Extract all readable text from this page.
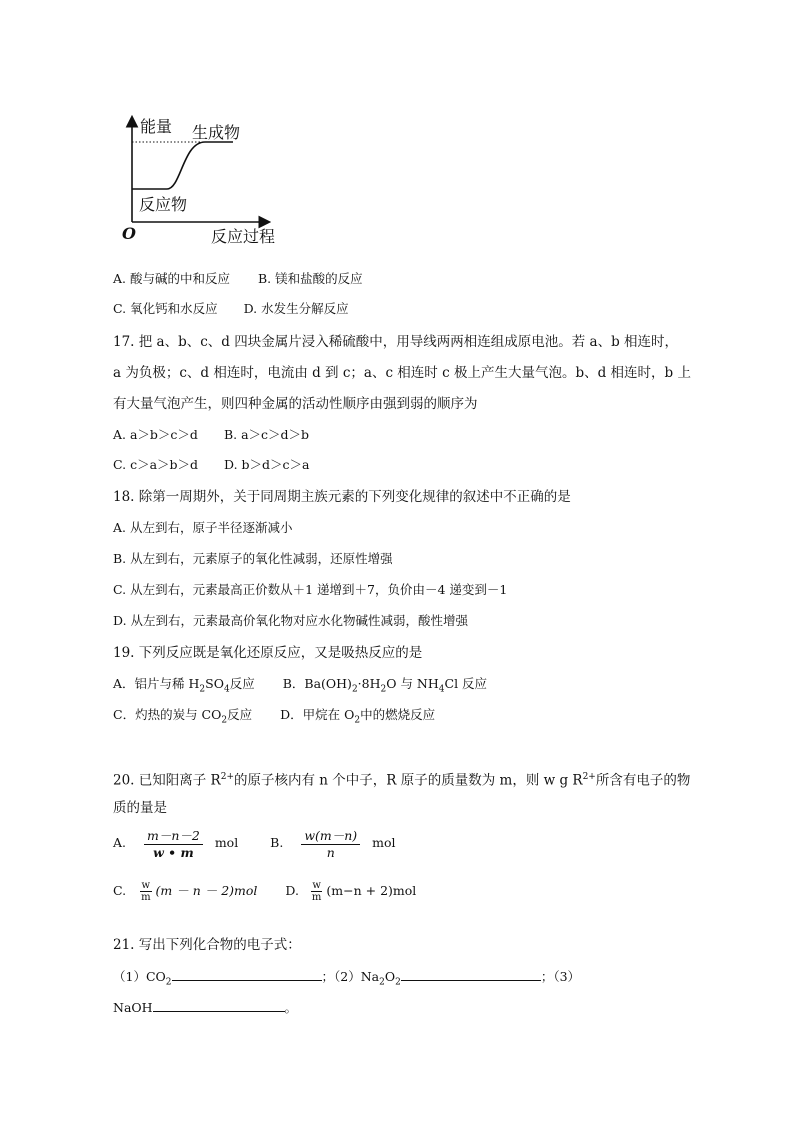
能量 生成物
反应物
O	反应过程
A. 酸与碱的中和反应 B. 镁和盐酸的反应
C. 氧化钙和水反应 D. 水发生分解反应
17. 把 a、b、c、d 四块金属片浸入稀硫酸中，用导线两两相连组成原电池。若 a、b 相连时，
a 为负极；c、d 相连时，电流由 d 到 c；a、c 相连时 c 极上产生大量气泡。b、d 相连时，b 上
有大量气泡产生，则四种金属的活动性顺序由强到弱的顺序为
A. a＞b＞c＞d B. a＞c＞d＞b
C. c＞a＞b＞d D. b＞d＞c＞a
18. 除第一周期外，关于同周期主族元素的下列变化规律的叙述中不正确的是
A. 从左到右，原子半径逐渐减小
B. 从左到右，元素原子的氧化性减弱，还原性增强
C. 从左到右，元素最高正价数从＋1 递增到＋7，负价由－4 递变到－1
D. 从左到右，元素最高价氧化物对应水化物碱性减弱，酸性增强
19. 下列反应既是氧化还原反应，又是吸热反应的是
A．铝片与稀 $H_2SO_4$反应 B．$Ba(OH)_2\cdot 8H_2O$ 与 $NH_4Cl$ 反应
C．灼热的炭与 $CO_2$反应 D．甲烷在 $O_2$中的燃烧反应
20. 已知阳离子 $R^{2+}$的原子核内有 n 个中子，R 原子的质量数为 m，则 w g $R^{2+}$所含有电子的物
质的量是
A. $\frac{m-n-2}{w • m}$ mol	B. $\frac{w(m-n)}{n}$ mol
C. $\frac{w}{m} (m - n - 2)mol$ D. $\frac{w}{m} (m-n + 2)mol$
21. 写出下列化合物的电子式：
$(1)CO_2$	；$(2)Na_2O_2$	；（3）
NaOH	。
